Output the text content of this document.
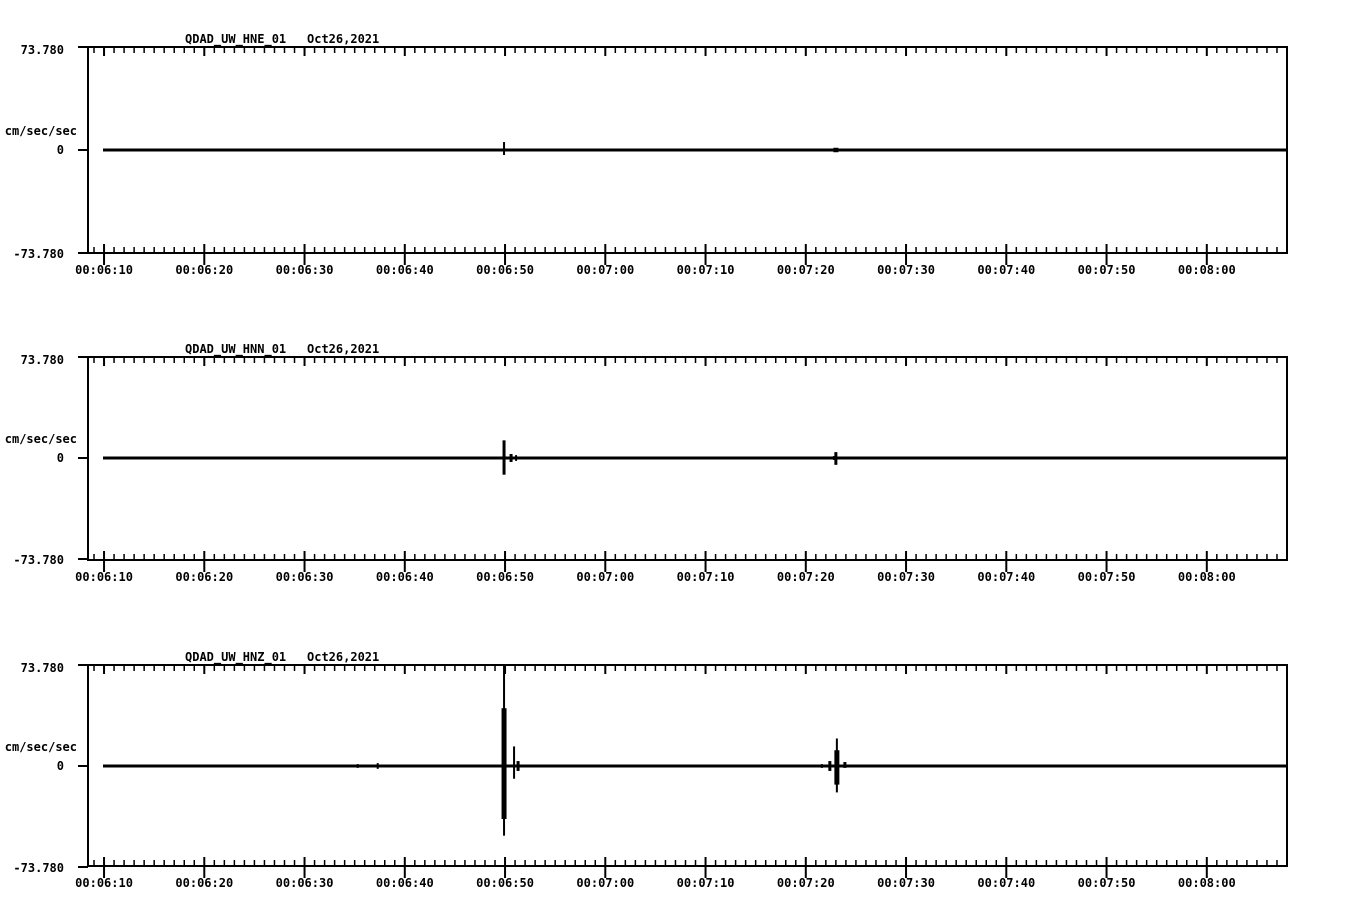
QDAD_UW_HNE_01 Oct26,2021
73.780
0
-73.780
cm/sec/sec
00:06:10	00:06:20	00:06:30	00:06:40	00:06:50	00:07:00	00:07:10	00:07:20	00:07:30	00:07:40	00:07:50	00:08:00
QDAD_UW_HNN_01 Oct26,2021
73.780
0
-73.780
cm/sec/sec
00:06:10	00:06:20	00:06:30	00:06:40	00:06:50	00:07:00	00:07:10	00:07:20	00:07:30	00:07:40	00:07:50	00:08:00
QDAD_UW_HNZ_01 Oct26,2021
73.780
0
-73.780
cm/sec/sec
00:06:10	00:06:20	00:06:30	00:06:40	00:06:50	00:07:00	00:07:10	00:07:20	00:07:30	00:07:40	00:07:50	00:08:00
